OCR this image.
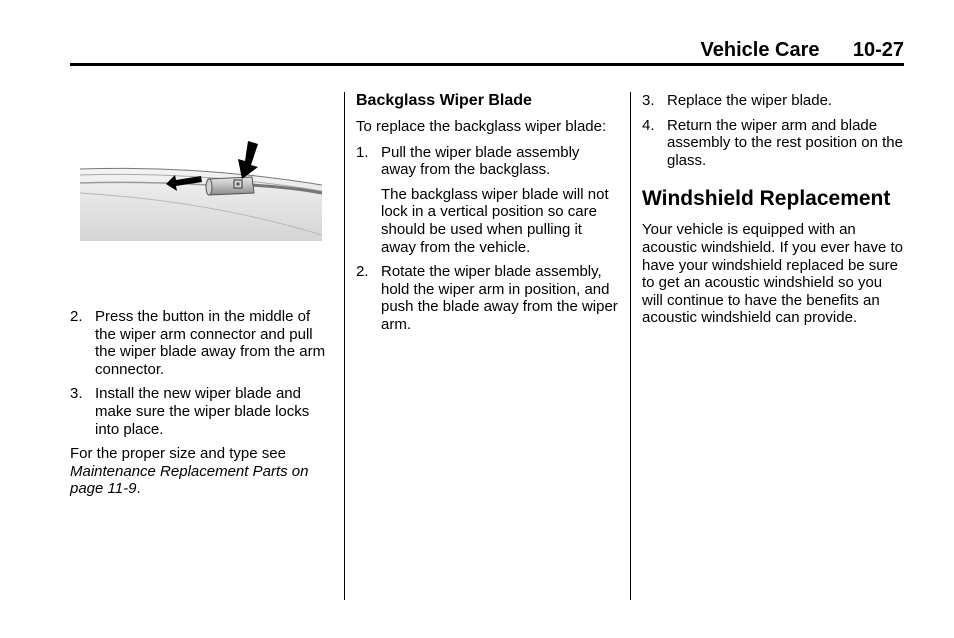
Vehicle Care 10-27
2. Press the button in the middle of the wiper arm connector and pull the wiper blade away from the arm connector.

3. Install the new wiper blade and make sure the wiper blade locks into place.

For the proper size and type see Maintenance Replacement Parts on page 11-9.

Backglass Wiper Blade

To replace the backglass wiper blade:

1. Pull the wiper blade assembly away from the backglass.

The backglass wiper blade will not lock in a vertical position so care should be used when pulling it away from the vehicle.

2. Rotate the wiper blade assembly, hold the wiper arm in position, and push the blade away from the wiper arm.

3. Replace the wiper blade.

4. Return the wiper arm and blade assembly to the rest position on the glass.

Windshield Replacement

Your vehicle is equipped with an acoustic windshield. If you ever have to have your windshield replaced be sure to get an acoustic windshield so you will continue to have the benefits an acoustic windshield can provide.
